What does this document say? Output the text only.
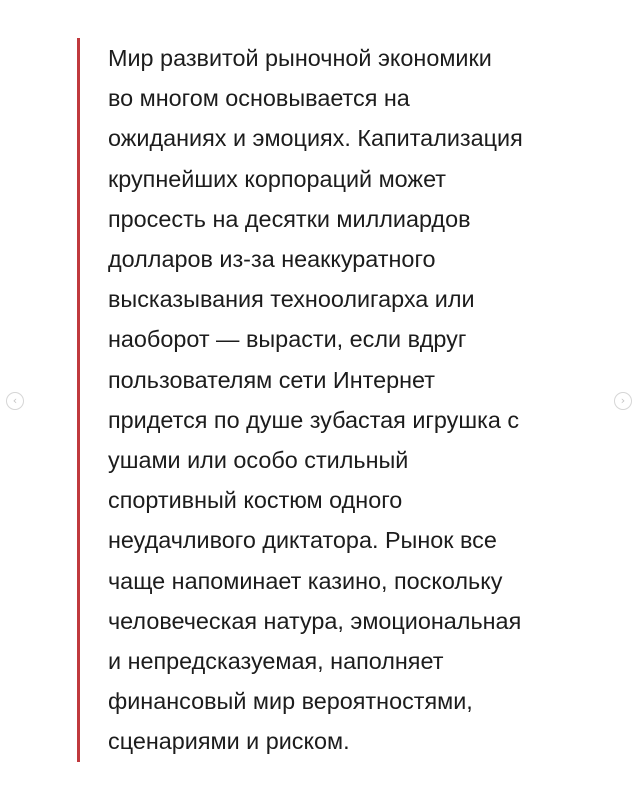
Мир развитой рыночной экономики
во многом основывается на
ожиданиях и эмоциях. Капитализация
крупнейших корпораций может
просесть на десятки миллиардов
долларов из-за неаккуратного
высказывания техноолигарха или
наоборот — вырасти, если вдруг
пользователям сети Интернет
придется по душе зубастая игрушка с
ушами или особо стильный
спортивный костюм одного
неудачливого диктатора. Рынок все
чаще напоминает казино, поскольку
человеческая натура, эмоциональная
и непредсказуемая, наполняет
финансовый мир вероятностями,
сценариями и риском.

‹	›
